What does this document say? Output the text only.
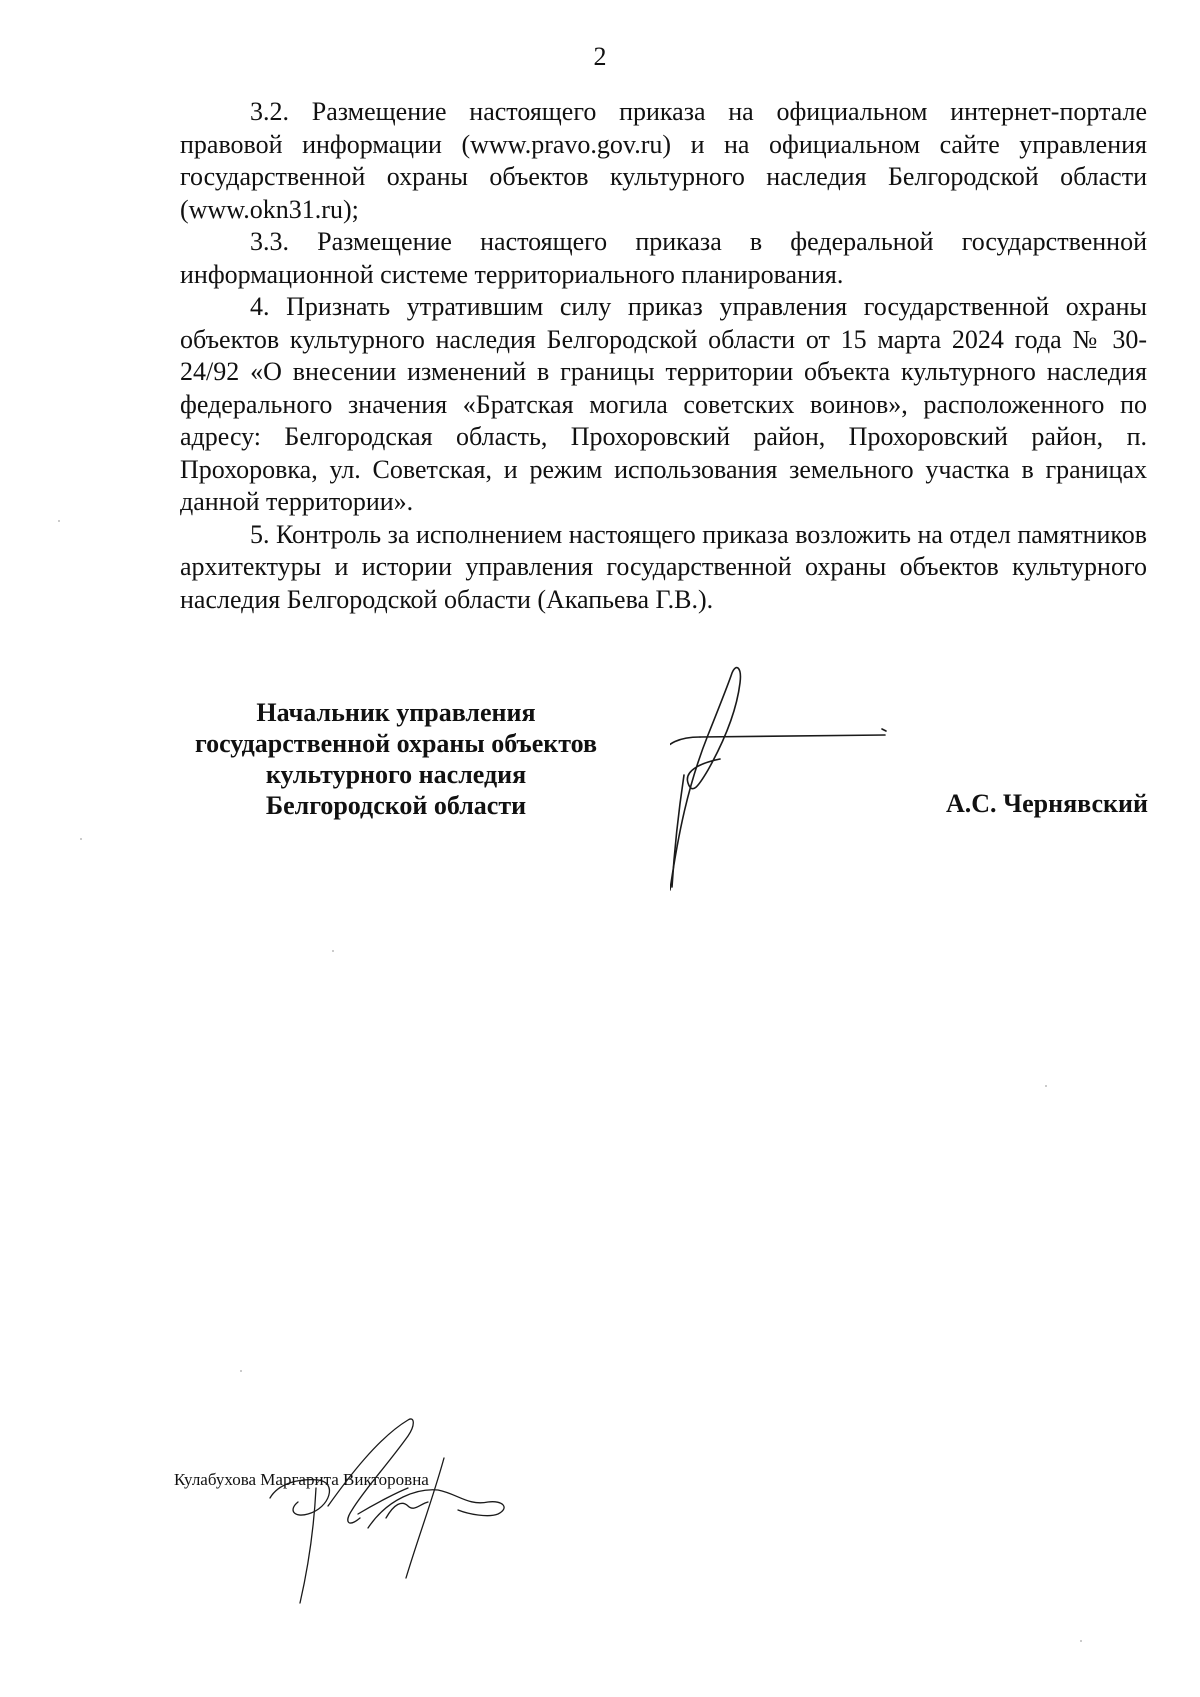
2

3.2. Размещение настоящего приказа на официальном интернет-портале правовой информации (www.pravo.gov.ru) и на официальном сайте управления государственной охраны объектов культурного наследия Белгородской области (www.okn31.ru);

3.3. Размещение настоящего приказа в федеральной государственной информационной системе территориального планирования.

4. Признать утратившим силу приказ управления государственной охраны объектов культурного наследия Белгородской области от 15 марта 2024 года № 30-24/92 «О внесении изменений в границы территории объекта культурного наследия федерального значения «Братская могила советских воинов», расположенного по адресу: Белгородская область, Прохоровский район, Прохоровский район, п. Прохоровка, ул. Советская, и режим использования земельного участка в границах данной территории».

5. Контроль за исполнением настоящего приказа возложить на отдел памятников архитектуры и истории управления государственной охраны объектов культурного наследия Белгородской области (Акапьева Г.В.).

Начальник управления
государственной охраны объектов
культурного наследия
Белгородской области	А.С. Чернявский
Кулабухова Маргарита Викторовна
